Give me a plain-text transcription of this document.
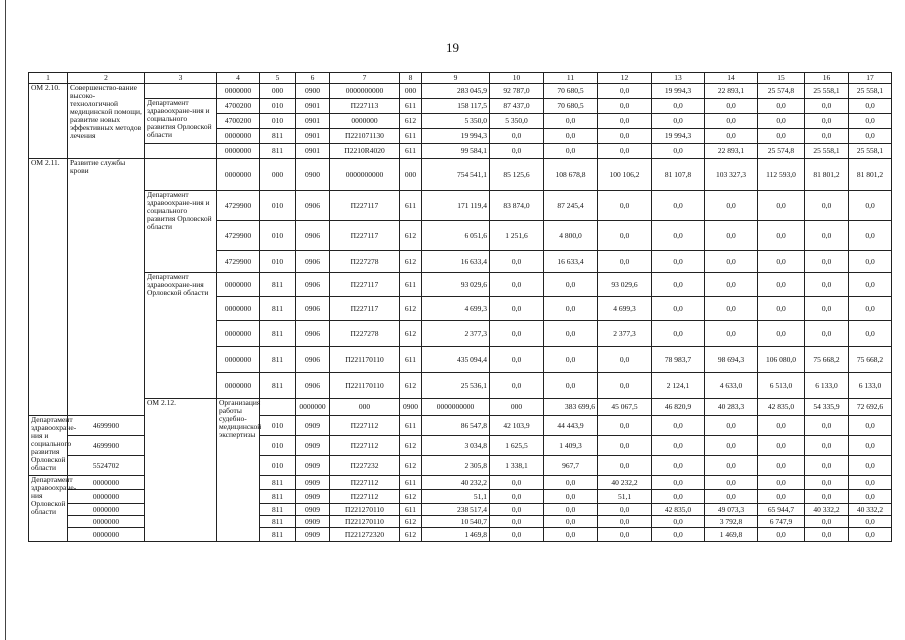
19
1	2	3	4	5	6	7	8	9	10	11	12	13	14	15	16	17	
ОМ 2.10.	Совершенство-вание высоко-технологичной медицинской помощи, развитие новых эффективных методов лечения		0000000	000	0900	0000000000	000	283 045,9	92 787,0	70 680,5	0,0	19 994,3	22 893,1	25 574,8	25 558,1	25 558,1	
		Департамент здравоохране-ния и социального развития Орловской области	4700200	010	0901	П227113	611	158 117,5	87 437,0	70 680,5	0,0	0,0	0,0	0,0	0,0	0,0	
			4700200	010	0901	0000000	612	5 350,0	5 350,0	0,0	0,0	0,0	0,0	0,0	0,0	0,0	
			0000000	811	0901	П221071130	611	19 994,3	0,0	0,0	0,0	19 994,3	0,0	0,0	0,0	0,0	
			0000000	811	0901	П2210R4020	611	99 584,1	0,0	0,0	0,0	0,0	22 893,1	25 574,8	25 558,1	25 558,1	
ОМ 2.11.	Развитие службы крови		0000000	000	0900	0000000000	000	754 541,1	85 125,6	108 678,8	100 106,2	81 107,8	103 327,3	112 593,0	81 801,2	81 801,2	
		Департамент здравоохране-ния и социального развития Орловской области	4729900	010	0906	П227117	611	171 119,4	83 874,0	87 245,4	0,0	0,0	0,0	0,0	0,0	0,0	
			4729900	010	0906	П227117	612	6 051,6	1 251,6	4 800,0	0,0	0,0	0,0	0,0	0,0	0,0	
			4729900	010	0906	П227278	612	16 633,4	0,0	16 633,4	0,0	0,0	0,0	0,0	0,0	0,0	
		Департамент здравоохране-ния Орловской области	0000000	811	0906	П227117	611	93 029,6	0,0	0,0	93 029,6	0,0	0,0	0,0	0,0	0,0	
			0000000	811	0906	П227117	612	4 699,3	0,0	0,0	4 699,3	0,0	0,0	0,0	0,0	0,0	
			0000000	811	0906	П227278	612	2 377,3	0,0	0,0	2 377,3	0,0	0,0	0,0	0,0	0,0	
			0000000	811	0906	П221170110	611	435 094,4	0,0	0,0	0,0	78 983,7	98 694,3	106 080,0	75 668,2	75 668,2	
			0000000	811	0906	П221170110	612	25 536,1	0,0	0,0	0,0	2 124,1	4 633,0	6 513,0	6 133,0	6 133,0	
		ОМ 2.12.	Организация работы судебно-медицинской экспертизы		0000000	000	0900	0000000000	000	383 699,6	45 067,5	46 820,9	40 283,3	42 835,0	54 335,9	72 692,6		
Департамент здравоохране-ния и социального развития Орловской области	4699900			010	0909	П227112	611	86 547,8	42 103,9	44 443,9	0,0	0,0	0,0	0,0	0,0	0,0	
	4699900			010	0909	П227112	612	3 034,8	1 625,5	1 409,3	0,0	0,0	0,0	0,0	0,0	0,0	
	5524702			010	0909	П227232	612	2 305,8	1 338,1	967,7	0,0	0,0	0,0	0,0	0,0	0,0	
Департамент здравоохране-ния Орловской области	0000000			811	0909	П227112	611	40 232,2	0,0	0,0	40 232,2	0,0	0,0	0,0	0,0	0,0	
	0000000			811	0909	П227112	612	51,1	0,0	0,0	51,1	0,0	0,0	0,0	0,0	0,0	
	0000000			811	0909	П221270110	611	238 517,4	0,0	0,0	0,0	42 835,0	49 073,3	65 944,7	40 332,2	40 332,2	
	0000000			811	0909	П221270110	612	10 540,7	0,0	0,0	0,0	0,0	3 792,8	6 747,9	0,0	0,0	
	0000000			811	0909	П221272320	612	1 469,8	0,0	0,0	0,0	0,0	1 469,8	0,0	0,0	0,0	
